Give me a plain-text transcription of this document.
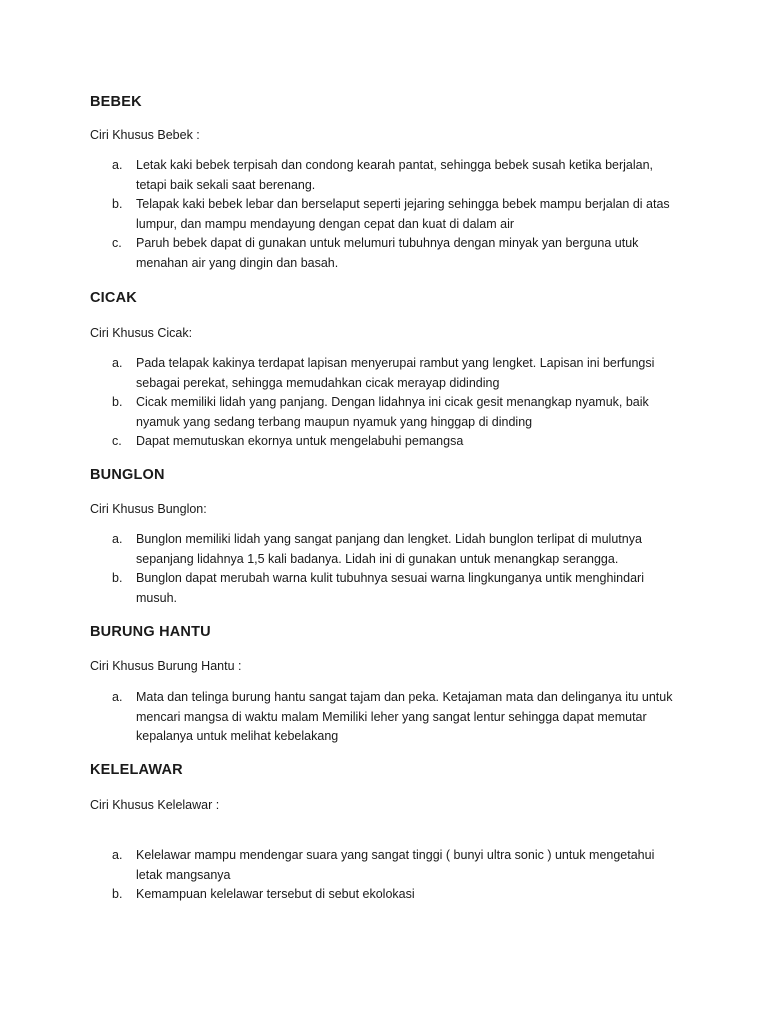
BEBEK

Ciri Khusus Bebek :

a. Letak kaki bebek terpisah dan condong kearah pantat, sehingga bebek susah ketika berjalan, tetapi baik sekali saat berenang.
b. Telapak kaki bebek lebar dan berselaput seperti jejaring sehingga bebek mampu berjalan di atas lumpur, dan mampu mendayung dengan cepat dan kuat di dalam air
c. Paruh bebek dapat di gunakan untuk melumuri tubuhnya dengan minyak yan berguna utuk menahan air yang dingin dan basah.
CICAK

Ciri Khusus Cicak:

a. Pada telapak kakinya terdapat lapisan menyerupai rambut yang lengket. Lapisan ini berfungsi sebagai perekat, sehingga memudahkan cicak merayap didinding
b. Cicak memiliki lidah yang panjang. Dengan lidahnya ini cicak gesit menangkap nyamuk, baik nyamuk yang sedang terbang maupun nyamuk yang hinggap di dinding
c. Dapat memutuskan ekornya untuk mengelabuhi pemangsa
BUNGLON

Ciri Khusus Bunglon:

a. Bunglon memiliki lidah yang sangat panjang dan lengket. Lidah bunglon terlipat di mulutnya sepanjang lidahnya 1,5 kali badanya. Lidah ini di gunakan untuk menangkap serangga.
b. Bunglon dapat merubah warna kulit tubuhnya sesuai warna lingkunganya untik menghindari musuh.
BURUNG HANTU

Ciri Khusus Burung Hantu :

a. Mata dan telinga burung hantu sangat tajam dan peka. Ketajaman mata dan delinganya itu untuk mencari mangsa di waktu malam Memiliki leher yang sangat lentur sehingga dapat memutar kepalanya untuk melihat kebelakang
KELELAWAR

Ciri Khusus Kelelawar :

a. Kelelawar mampu mendengar suara yang sangat tinggi ( bunyi ultra sonic ) untuk mengetahui letak mangsanya
b. Kemampuan kelelawar tersebut di sebut ekolokasi
